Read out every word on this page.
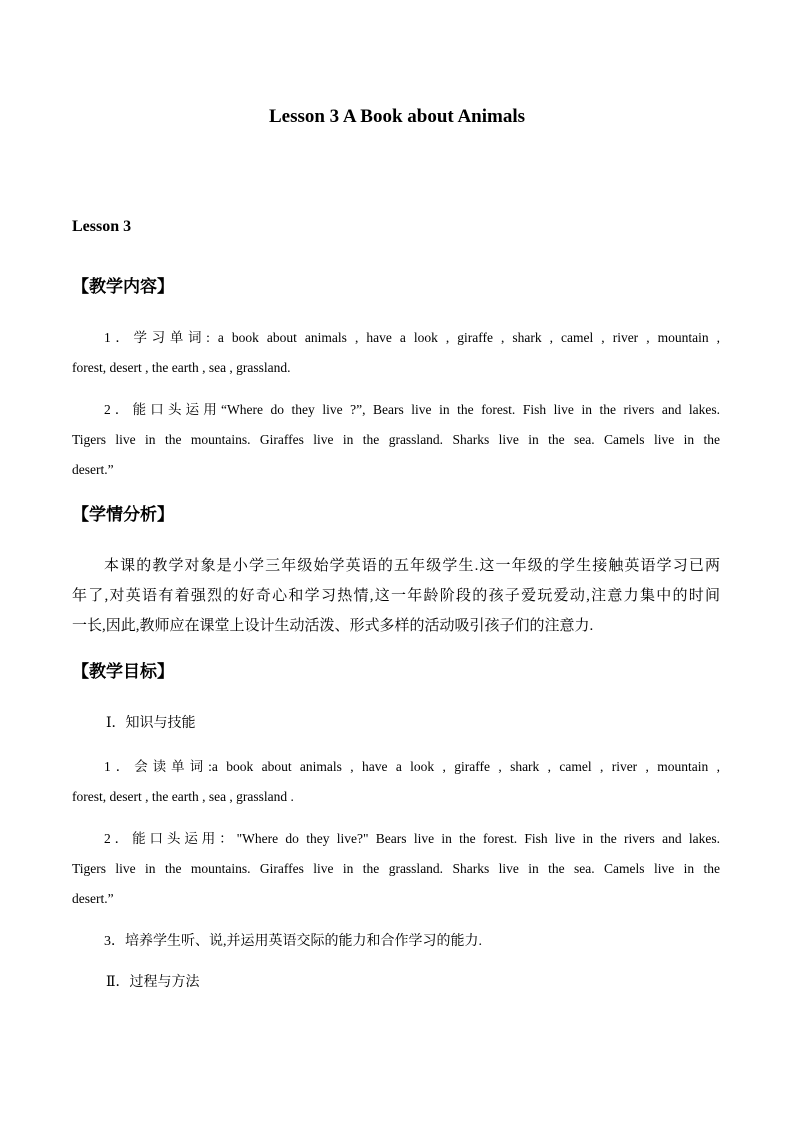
Lesson 3 A Book about Animals
Lesson 3
【教学内容】
1．学习单词: a book about animals , have a look , giraffe , shark , camel , river , mountain ,
forest, desert , the earth , sea , grassland.
2．能口头运用“Where do they live ?”, Bears live in the forest. Fish live in the rivers and lakes.
Tigers live in the mountains. Giraffes live in the grassland. Sharks live in the sea. Camels live in the
desert.”
【学情分析】
本课的教学对象是小学三年级始学英语的五年级学生.这一年级的学生接触英语学习已两
年了,对英语有着强烈的好奇心和学习热情,这一年龄阶段的孩子爱玩爱动,注意力集中的时间
一长,因此,教师应在课堂上设计生动活泼、形式多样的活动吸引孩子们的注意力.
【教学目标】
Ⅰ．知识与技能
1．会读单词:a book about animals , have a look , giraffe , shark , camel , river , mountain ,
forest, desert , the earth , sea , grassland .
2．能口头运用："Where do they live?" Bears live in the forest. Fish live in the rivers and lakes.
Tigers live in the mountains. Giraffes live in the grassland. Sharks live in the sea. Camels live in the
desert.”
3．培养学生听、说,并运用英语交际的能力和合作学习的能力.
Ⅱ．过程与方法
